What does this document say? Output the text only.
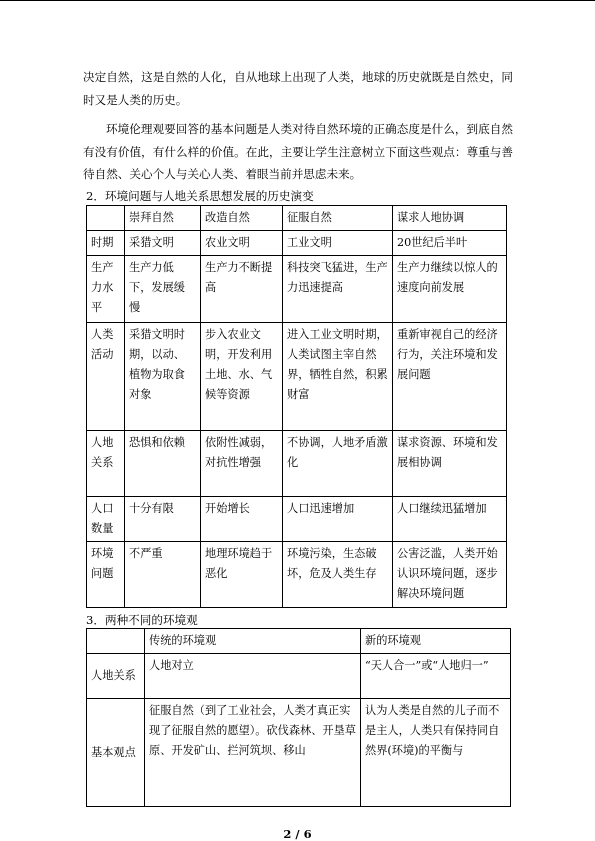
决定自然，这是自然的人化，自从地球上出现了人类，地球的历史就既是自然史，同时又是人类的历史。

环境伦理观要回答的基本问题是人类对待自然环境的正确态度是什么，到底自然有没有价值，有什么样的价值。在此，主要让学生注意树立下面这些观点：尊重与善待自然、关心个人与关心人类、着眼当前并思虑未来。

2．环境问题与人地关系思想发展的历史演变

	崇拜自然	改造自然	征服自然	谋求人地协调
时期	采猎文明	农业文明	工业文明	20世纪后半叶
生产力水平	生产力低下，发展缓慢	生产力不断提高	科技突飞猛进，生产力迅速提高	生产力继续以惊人的速度向前发展
人类活动	采猎文明时期，以动、植物为取食对象	步入农业文明，开发利用土地、水、气候等资源	进入工业文明时期，人类试图主宰自然界，牺牲自然，积累财富	重新审视自己的经济行为，关注环境和发展问题
人地关系	恐惧和依赖	依附性减弱，对抗性增强	不协调，人地矛盾激化	谋求资源、环境和发展相协调
人口数量	十分有限	开始增长	人口迅速增加	人口继续迅猛增加
环境问题	不严重	地理环境趋于恶化	环境污染，生态破坏，危及人类生存	公害泛滥，人类开始认识环境问题，逐步解决环境问题

3．两种不同的环境观

	传统的环境观	新的环境观
人地关系	人地对立	“天人合一”或“人地归一”
基本观点	征服自然（到了工业社会，人类才真正实现了征服自然的愿望）。砍伐森林、开垦草原、开发矿山、拦河筑坝、移山	认为人类是自然的儿子而不是主人，人类只有保持同自然界(环境)的平衡与
2 / 6
